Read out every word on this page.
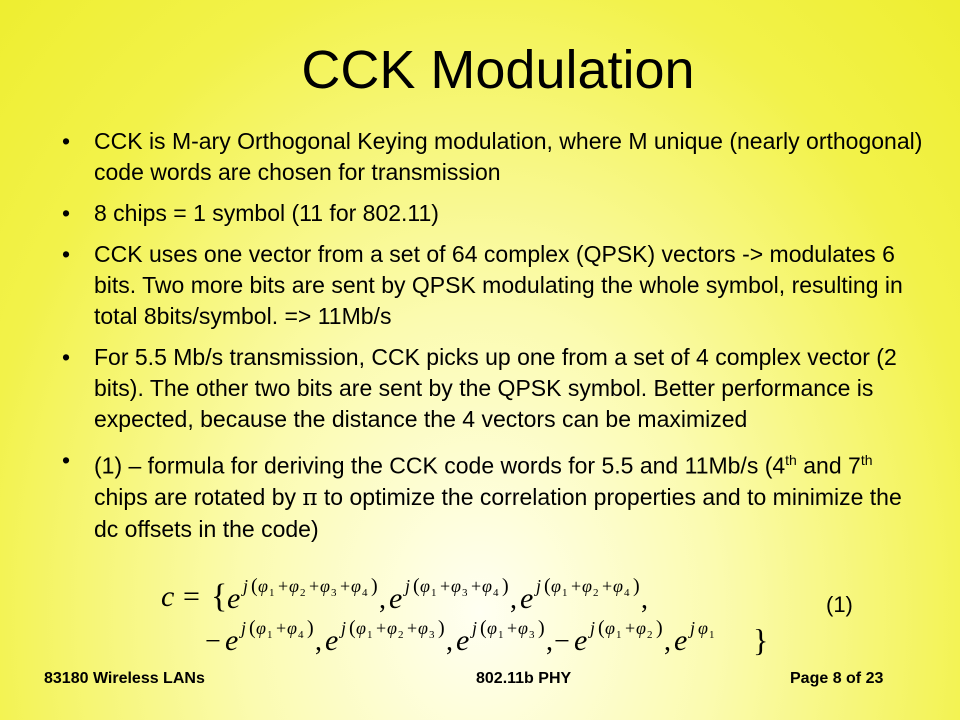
CCK Modulation
• CCK is M-ary Orthogonal Keying modulation, where M unique (nearly orthogonal) code words are chosen for transmission
• 8 chips = 1 symbol (11 for 802.11)
• CCK uses one vector from a set of 64 complex (QPSK) vectors -> modulates 6 bits. Two more bits are sent by QPSK modulating the whole symbol, resulting in total 8bits/symbol. => 11Mb/s
• For 5.5 Mb/s transmission, CCK picks up one from a set of 4 complex vector (2 bits). The other two bits are sent by the QPSK symbol. Better performance is expected, because the distance the 4 vectors can be maximized
• (1) – formula for deriving the CCK code words for 5.5 and 11Mb/s (4th and 7th chips are rotated by π to optimize the correlation properties and to minimize the dc offsets in the code)
c = { e j ( φ 1 + φ 2 + φ 3 + φ 4 ) , e j ( φ 1 + φ 3 + φ 4 ) , e j ( φ 1 + φ 2 + φ 4 ) ,
− e j ( φ 1 + φ 4 ) , e j ( φ 1 + φ 2 + φ 3 ) , e j ( φ 1 + φ 3 ) , − e j ( φ 1 + φ 2 ) , e j φ 1 }
(1)
83180 Wireless LANs	802.11b PHY	Page 8 of 23
